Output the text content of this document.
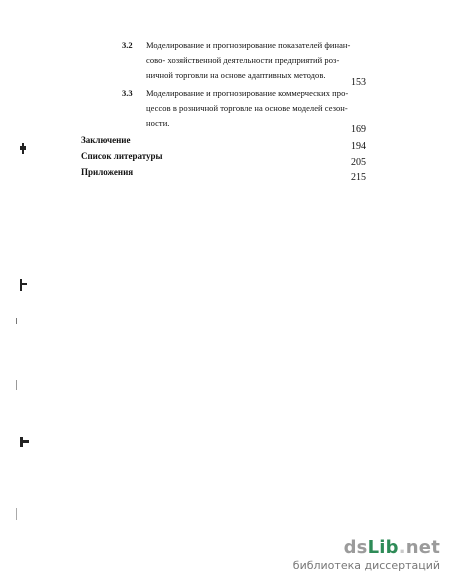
3.2 Моделирование и прогнозирование показателей финан-
сово- хозяйственной деятельности предприятий роз-
ничной торговли на основе адаптивных методов.
153
3.3 Моделирование и прогнозирование коммерческих про-
цессов в розничной торговле на основе моделей сезон-
ности.
169
Заключение
194
Список литературы
205
Приложения	215
dsLib.net
библиотека диссертаций
